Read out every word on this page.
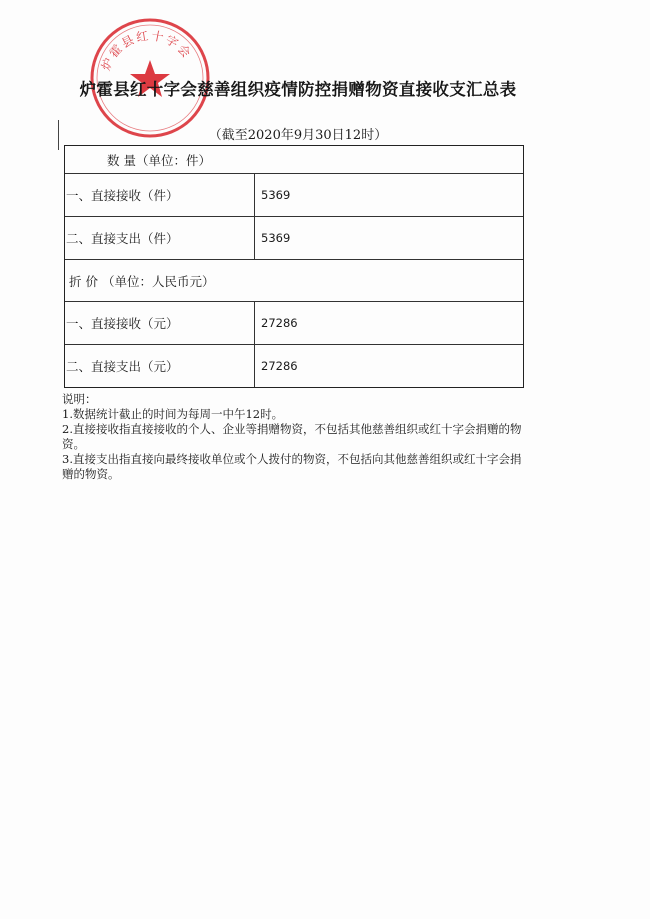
炉霍县红十字会
炉霍县红十字会慈善组织疫情防控捐赠物资直接收支汇总表
（截至2020年9月30日12时）
数 量（单位：件）
一、直接接收（件）	5369
二、直接支出（件）	5369
折 价 （单位：人民币元）
一、直接接收（元）	27286
二、直接支出（元）	27286

说明：

1.数据统计截止的时间为每周一中午12时。

2.直接接收指直接接收的个人、企业等捐赠物资，不包括其他慈善组织或红十字会捐赠的物资。

3.直接支出指直接向最终接收单位或个人拨付的物资，不包括向其他慈善组织或红十字会捐赠的物资。
